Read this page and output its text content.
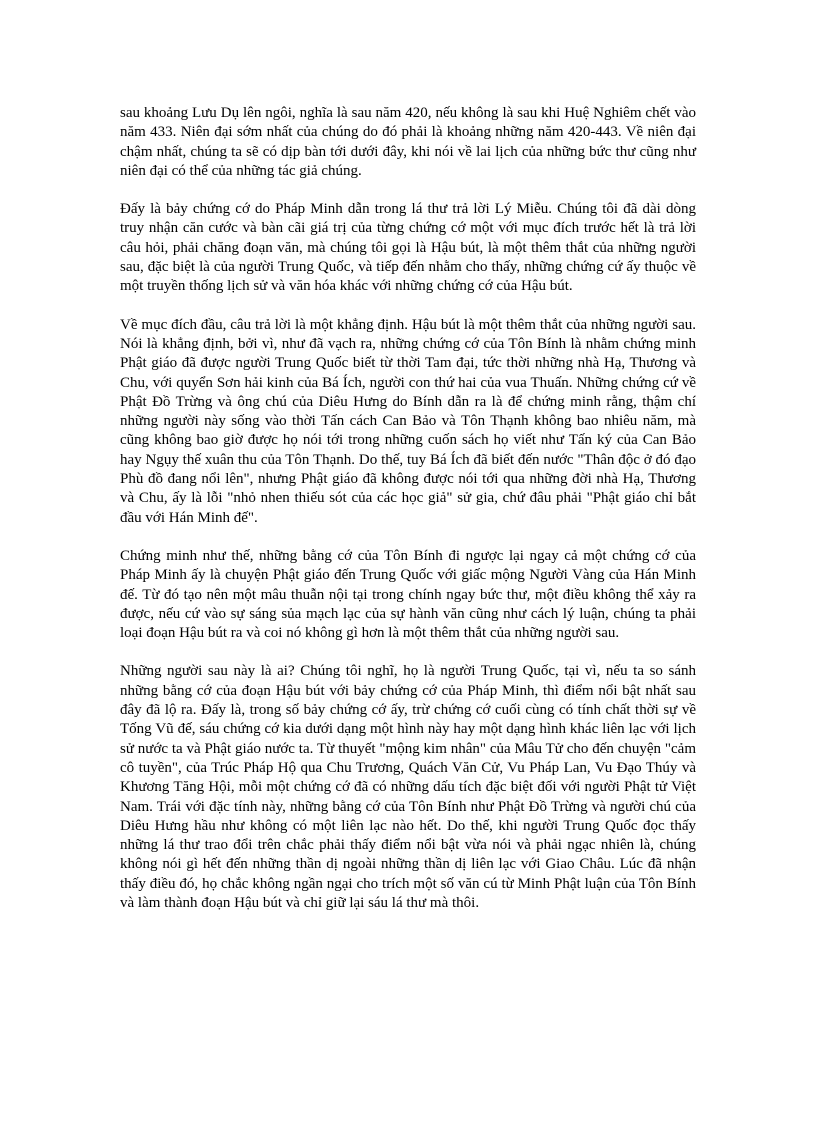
sau khoảng Lưu Dụ lên ngôi, nghĩa là sau năm 420, nếu không là sau khi Huệ Nghiêm chết vào năm 433. Niên đại sớm nhất của chúng do đó phải là khoảng những năm 420-443. Về niên đại chậm nhất, chúng ta sẽ có dịp bàn tới dưới đây, khi nói về lai lịch của những bức thư cũng như niên đại có thể của những tác giả chúng.

Đấy là bảy chứng cớ do Pháp Minh dẫn trong lá thư trả lời Lý Miễu. Chúng tôi đã dài dòng truy nhận căn cước và bàn cãi giá trị của từng chứng cớ một với mục đích trước hết là trả lời câu hỏi, phải chăng đoạn văn, mà chúng tôi gọi là Hậu bút, là một thêm thắt của những người sau, đặc biệt là của người Trung Quốc, và tiếp đến nhằm cho thấy, những chứng cứ ấy thuộc về một truyền thống lịch sử và văn hóa khác với những chứng cớ của Hậu bút.

Về mục đích đầu, câu trả lời là một khẳng định. Hậu bút là một thêm thắt của những người sau. Nói là khẳng định, bởi vì, như đã vạch ra, những chứng cớ của Tôn Bính là nhằm chứng minh Phật giáo đã được người Trung Quốc biết từ thời Tam đại, tức thời những nhà Hạ, Thương và Chu, với quyển Sơn hải kinh của Bá Ích, người con thứ hai của vua Thuấn. Những chứng cứ về Phật Đồ Trừng và ông chú của Diêu Hưng do Bính dẫn ra là để chứng minh rằng, thậm chí những người này sống vào thời Tấn cách Can Bảo và Tôn Thạnh không bao nhiêu năm, mà cũng không bao giờ được họ nói tới trong những cuốn sách họ viết như Tấn ký của Can Bảo hay Ngụy thế xuân thu của Tôn Thạnh. Do thế, tuy Bá Ích đã biết đến nước "Thân độc ở đó đạo Phù đồ đang nổi lên", nhưng Phật giáo đã không được nói tới qua những đời nhà Hạ, Thương và Chu, ấy là lỗi "nhỏ nhen thiếu sót của các học giả" sử gia, chứ đâu phải "Phật giáo chỉ bắt đầu với Hán Minh đế".

Chứng minh như thế, những bằng cớ của Tôn Bính đi ngược lại ngay cả một chứng cớ của Pháp Minh ấy là chuyện Phật giáo đến Trung Quốc với giấc mộng Người Vàng của Hán Minh đế. Từ đó tạo nên một mâu thuẫn nội tại trong chính ngay bức thư, một điều không thể xảy ra được, nếu cứ vào sự sáng sủa mạch lạc của sự hành văn cũng như cách lý luận, chúng ta phải loại đoạn Hậu bút ra và coi nó không gì hơn là một thêm thắt của những người sau.

Những người sau này là ai? Chúng tôi nghĩ, họ là người Trung Quốc, tại vì, nếu ta so sánh những bằng cớ của đoạn Hậu bút với bảy chứng cớ của Pháp Minh, thì điểm nổi bật nhất sau đây đã lộ ra. Đấy là, trong số bảy chứng cớ ấy, trừ chứng cớ cuối cùng có tính chất thời sự về Tống Vũ đế, sáu chứng cớ kia dưới dạng một hình này hay một dạng hình khác liên lạc với lịch sử nước ta và Phật giáo nước ta. Từ thuyết "mộng kim nhân" của Mâu Tử cho đến chuyện "cảm cô tuyền", của Trúc Pháp Hộ qua Chu Trương, Quách Văn Cử, Vu Pháp Lan, Vu Đạo Thúy và Khương Tăng Hội, mỗi một chứng cớ đã có những dấu tích đặc biệt đối với người Phật tử Việt Nam. Trái với đặc tính này, những bằng cớ của Tôn Bính như Phật Đồ Trừng và người chú của Diêu Hưng hầu như không có một liên lạc nào hết. Do thế, khi người Trung Quốc đọc thấy những lá thư trao đổi trên chắc phải thấy điểm nổi bật vừa nói và phải ngạc nhiên là, chúng không nói gì hết đến những thần dị ngoài những thần dị liên lạc với Giao Châu. Lúc đã nhận thấy điều đó, họ chắc không ngần ngại cho trích một số văn cú từ Minh Phật luận của Tôn Bính và làm thành đoạn Hậu bút và chỉ giữ lại sáu lá thư mà thôi.
